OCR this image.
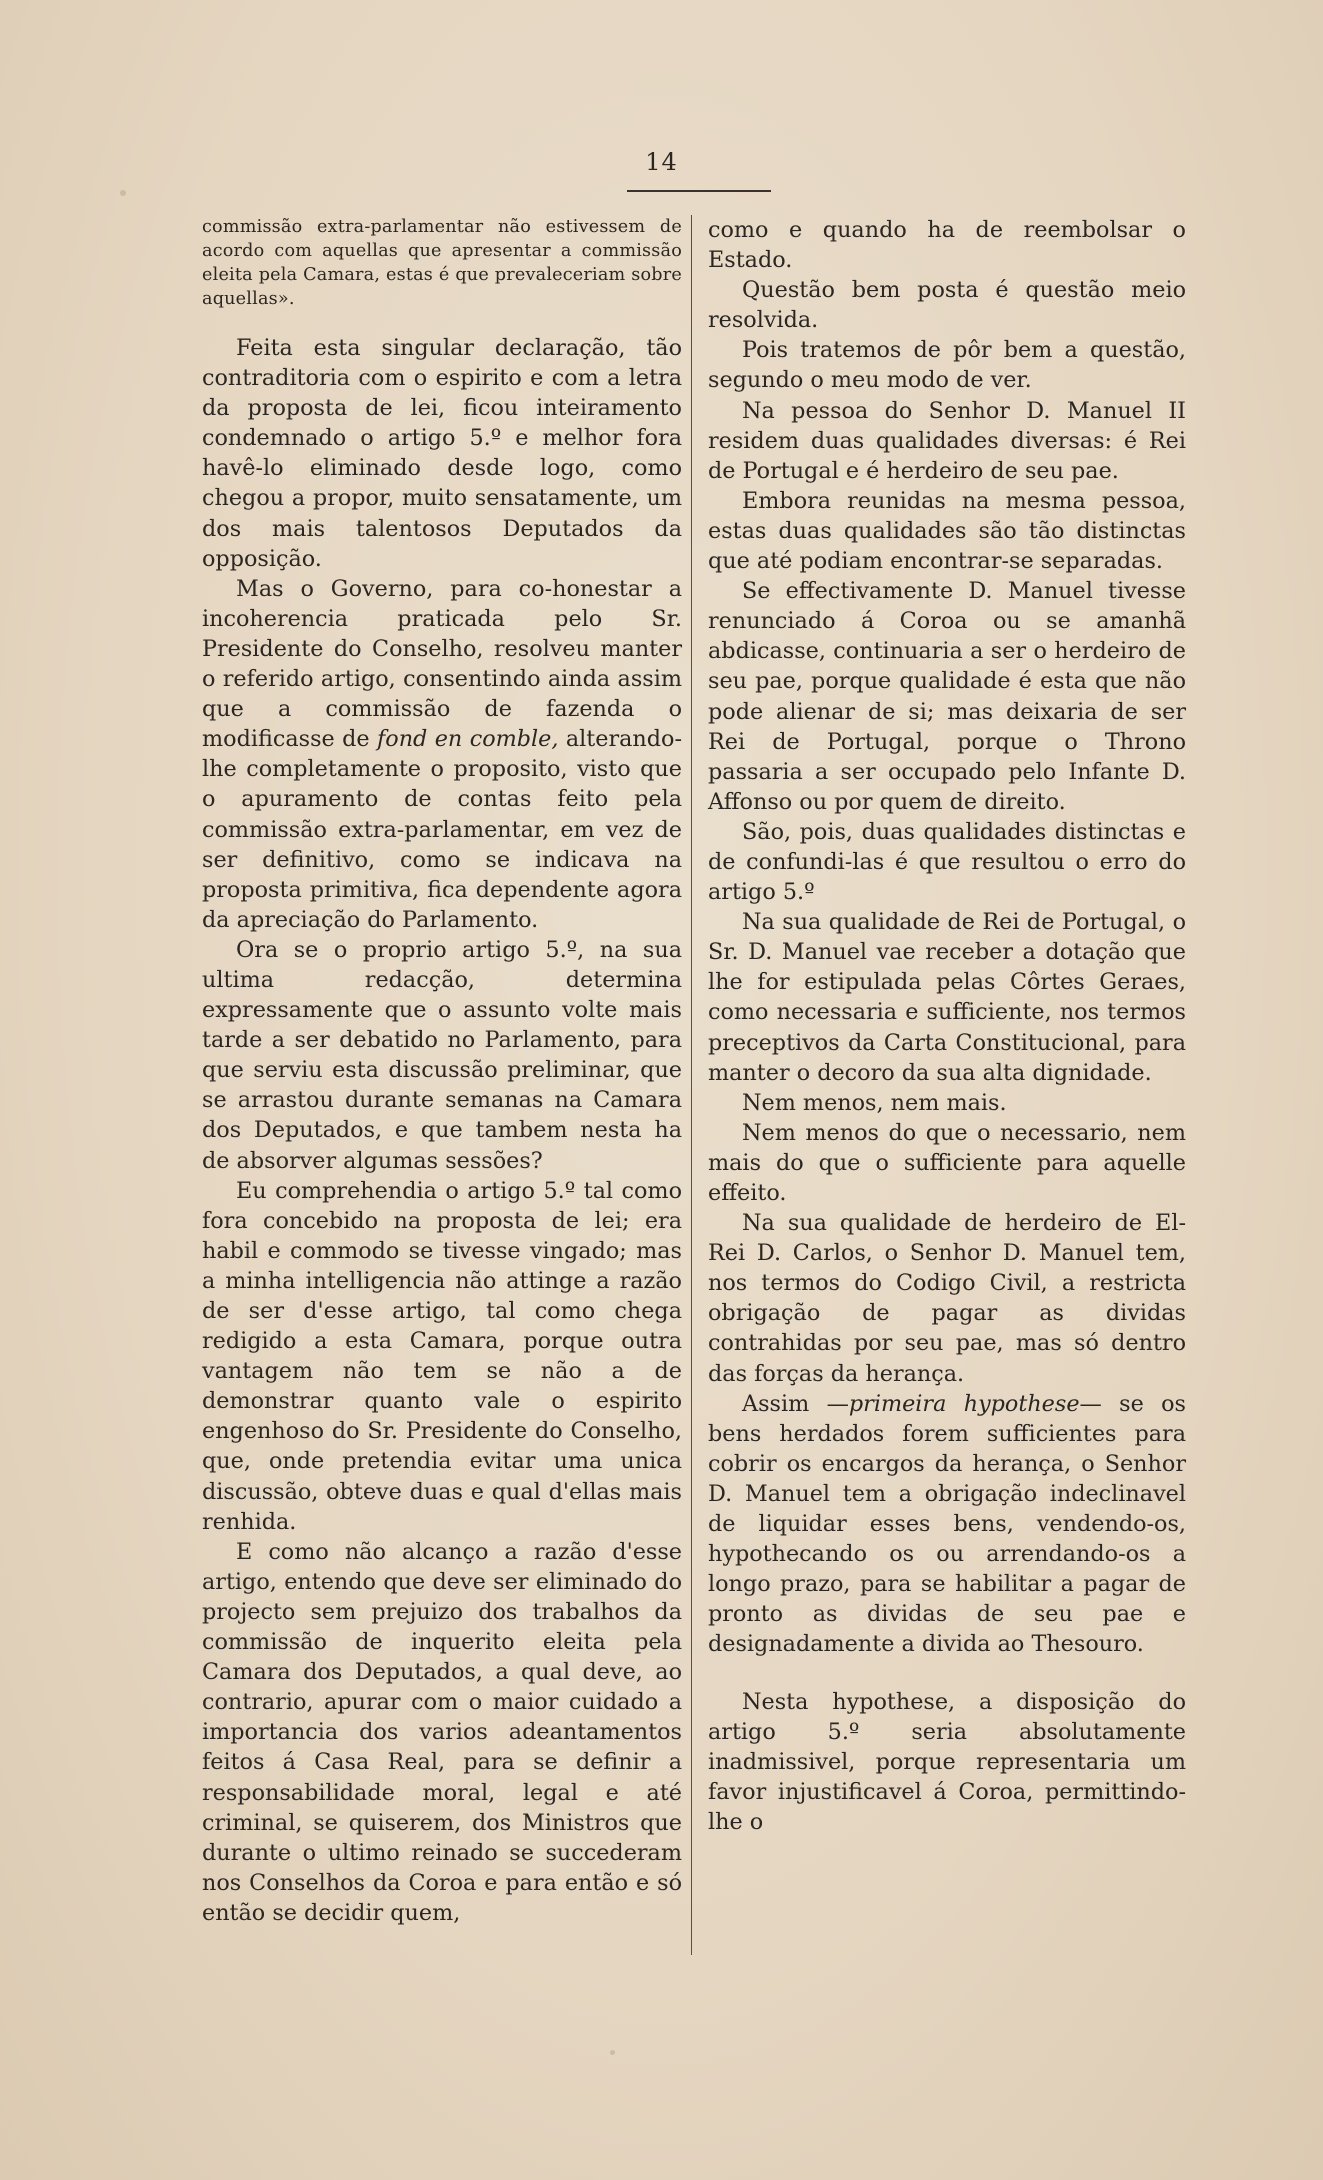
14

commissão extra-parlamentar não estivessem de acordo com aquellas que apresentar a commissão eleita pela Camara, estas é que prevaleceriam sobre aquellas».

Feita esta singular declaração, tão contraditoria com o espirito e com a letra da proposta de lei, ficou inteiramento condemnado o artigo 5.º e melhor fora havê-lo eliminado desde logo, como chegou a propor, muito sensatamente, um dos mais talentosos Deputados da opposição.

Mas o Governo, para co-honestar a incoherencia praticada pelo Sr. Presidente do Conselho, resolveu manter o referido artigo, consentindo ainda assim que a commissão de fazenda o modificasse de fond en comble, alterando-lhe completamente o proposito, visto que o apuramento de contas feito pela commissão extra-parlamentar, em vez de ser definitivo, como se indicava na proposta primitiva, fica dependente agora da apreciação do Parlamento.

Ora se o proprio artigo 5.º, na sua ultima redacção, determina expressamente que o assunto volte mais tarde a ser debatido no Parlamento, para que serviu esta discussão preliminar, que se arrastou durante semanas na Camara dos Deputados, e que tambem nesta ha de absorver algumas sessões?

Eu comprehendia o artigo 5.º tal como fora concebido na proposta de lei; era habil e commodo se tivesse vingado; mas a minha intelligencia não attinge a razão de ser d'esse artigo, tal como chega redigido a esta Camara, porque outra vantagem não tem se não a de demonstrar quanto vale o espirito engenhoso do Sr. Presidente do Conselho, que, onde pretendia evitar uma unica discussão, obteve duas e qual d'ellas mais renhida.

E como não alcanço a razão d'esse artigo, entendo que deve ser eliminado do projecto sem prejuizo dos trabalhos da commissão de inquerito eleita pela Camara dos Deputados, a qual deve, ao contrario, apurar com o maior cuidado a importancia dos varios adeantamentos feitos á Casa Real, para se definir a responsabilidade moral, legal e até criminal, se quiserem, dos Ministros que durante o ultimo reinado se succederam nos Conselhos da Coroa e para então e só então se decidir quem,

como e quando ha de reembolsar o Estado.

Questão bem posta é questão meio resolvida.

Pois tratemos de pôr bem a questão, segundo o meu modo de ver.

Na pessoa do Senhor D. Manuel II residem duas qualidades diversas: é Rei de Portugal e é herdeiro de seu pae.

Embora reunidas na mesma pessoa, estas duas qualidades são tão distinctas que até podiam encontrar-se separadas.

Se effectivamente D. Manuel tivesse renunciado á Coroa ou se amanhã abdicasse, continuaria a ser o herdeiro de seu pae, porque qualidade é esta que não pode alienar de si; mas deixaria de ser Rei de Portugal, porque o Throno passaria a ser occupado pelo Infante D. Affonso ou por quem de direito.

São, pois, duas qualidades distinctas e de confundi-las é que resultou o erro do artigo 5.º

Na sua qualidade de Rei de Portugal, o Sr. D. Manuel vae receber a dotação que lhe for estipulada pelas Côrtes Geraes, como necessaria e sufficiente, nos termos preceptivos da Carta Constitucional, para manter o decoro da sua alta dignidade.

Nem menos, nem mais.

Nem menos do que o necessario, nem mais do que o sufficiente para aquelle effeito.

Na sua qualidade de herdeiro de El-Rei D. Carlos, o Senhor D. Manuel tem, nos termos do Codigo Civil, a restricta obrigação de pagar as dividas contrahidas por seu pae, mas só dentro das forças da herança.

Assim —primeira hypothese— se os bens herdados forem sufficientes para cobrir os encargos da herança, o Senhor D. Manuel tem a obrigação indeclinavel de liquidar esses bens, vendendo-os, hypothecando os ou arrendando-os a longo prazo, para se habilitar a pagar de pronto as dividas de seu pae e designadamente a divida ao Thesouro.

Nesta hypothese, a disposição do artigo 5.º seria absolutamente inadmissivel, porque representaria um favor injustificavel á Coroa, permittindo-lhe o
